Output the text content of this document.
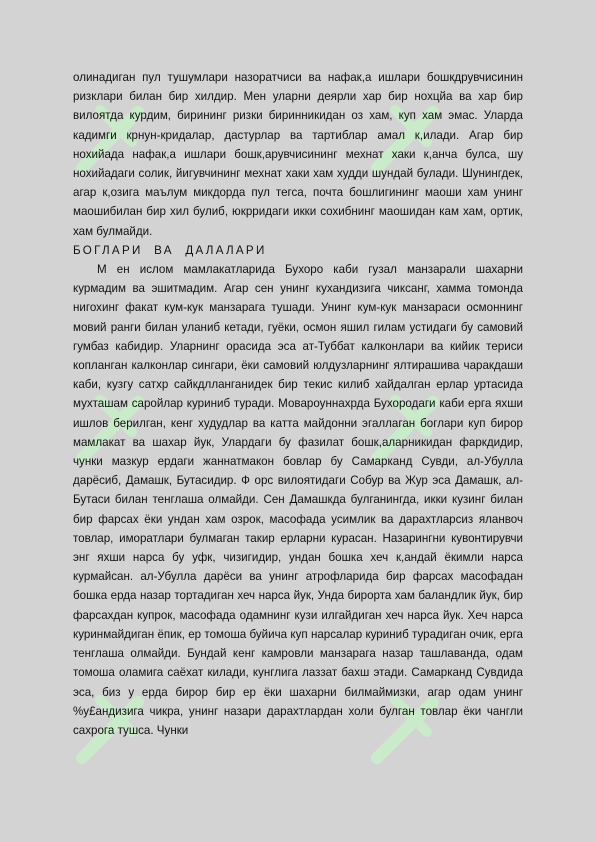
олинадиган пул тушумлари назоратчиси ва нафак,а ишлари бошкдрувчисинин ризклари билан бир хилдир. Мен уларни деярли хар бир нохцйа ва хар бир вилоятда курдим, бирининг ризки биринникидан оз хам, куп хам эмас. Уларда кадимги крнун-кридалар, дастурлар ва тартиблар амал к,илади. Агар бир нохийада нафак,а ишлари бошк,арувчисининг мехнат хаки к,анча булса, шу нохийадаги солик, йигувчининг мехнат хаки хам худди шундай булади. Шунингдек, агар к,озига маълум микдорда пул тегса, почта бошлигининг маоши хам унинг маошибилан бир хил булиб, юкрридаги икки сохибнинг маошидан кам хам, ортик, хам булмайди.

БОГЛАРИ ВА ДАЛАЛАРИ

М ен ислом мамлакатларида Бухоро каби гузал манзарали шахарни курмадим ва эшитмадим. Агар сен унинг кухандизига чиксанг, хамма томонда нигохинг факат кум-кук манзарага тушади. Унинг кум-кук манзараси осмоннинг мовий ранги билан уланиб кетади, гуёки, осмон яшил гилам устидаги бу самовий гумбаз кабидир. Уларнинг орасида эса ат-Туббат калконлари ва кийик териси копланган калконлар сингари, ёки самовий юлдузларнинг ялтирашива чаракдаши каби, кузгу сатхр сайкдлланганидек бир текис килиб хайдалган ерлар уртасида мухташам саройлар куриниб туради. Мовароуннахрда Бухородаги каби ерга яхши ишлов берилган, кенг худудлар ва катта майдонни эгаллаган боглари куп бирор мамлакат ва шахар йук, Улардаги бу фазилат бошк,аларникидан фаркдидир, чунки мазкур ердаги жаннатмакон бовлар бу Самарканд Сувди, ал-Убулла дарёсиб, Дамашк, Бутасидир. Ф орс вилоятидаги Собур ва Жур эса Дамашк, ал-Бутаси билан тенглаша олмайди. Сен Дамашкда булганингда, икки кузинг билан бир фарсах ёки ундан хам озрок, масофада усимлик ва дарахтларсиз яланвоч товлар, иморатлари булмаган такир ерларни курасан. Назарингни кувонтирувчи энг яхши нарса бу уфк, чизигидир, ундан бошка хеч к,андай ёкимли нарса курмайсан. ал-Убулла дарёси ва унинг атрофларида бир фарсах масофадан бошка ерда назар тортадиган хеч нарса йук, Унда бирорта хам баландлик йук, бир фарсахдан купрок, масофада одамнинг кузи илгайдиган хеч нарса йук. Хеч нарса куринмайдиган ёпик, ер томоша буйича куп нарсалар куриниб турадиган очик, ерга тенглаша олмайди. Бундай кенг камровли манзарага назар ташлаванда, одам томоша оламига саёхат килади, кунглига лаззат бахш этади. Самарканд Сувдида эса, биз у ерда бирор бир ер ёки шахарни билмаймизки, агар одам унинг %у£андизига чикра, унинг назари дарахтлардан холи булган товлар ёки чангли сахрога тушса. Чунки
